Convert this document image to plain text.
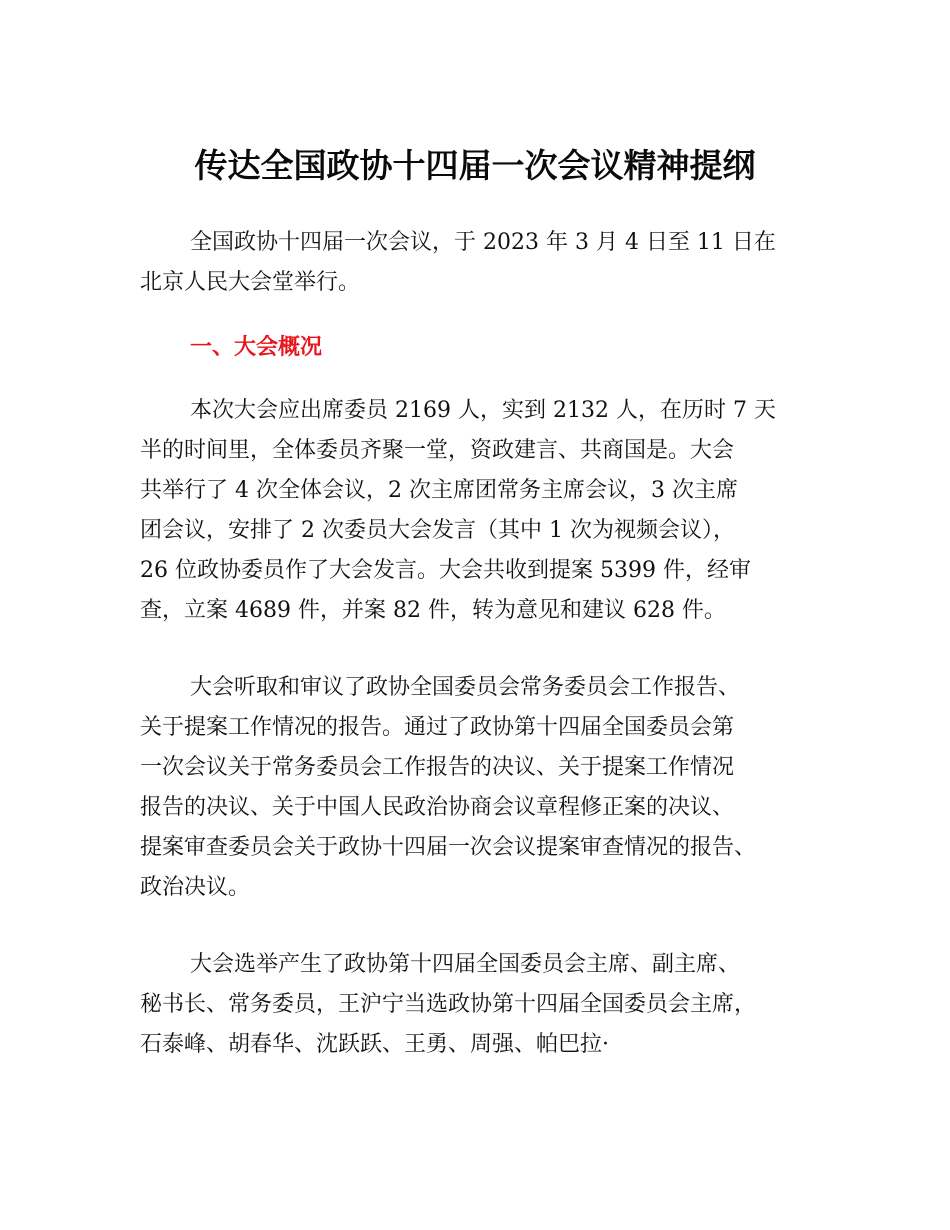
传达全国政协十四届一次会议精神提纲
全国政协十四届一次会议，于 2023 年 3 月 4 日至 11 日在
北京人民大会堂举行。
一、大会概况
本次大会应出席委员 2169 人，实到 2132 人，在历时 7 天
半的时间里，全体委员齐聚一堂，资政建言、共商国是。大会
共举行了 4 次全体会议，2 次主席团常务主席会议，3 次主席
团会议，安排了 2 次委员大会发言（其中 1 次为视频会议），
26 位政协委员作了大会发言。大会共收到提案 5399 件，经审
查，立案 4689 件，并案 82 件，转为意见和建议 628 件。
大会听取和审议了政协全国委员会常务委员会工作报告、
关于提案工作情况的报告。通过了政协第十四届全国委员会第
一次会议关于常务委员会工作报告的决议、关于提案工作情况
报告的决议、关于中国人民政治协商会议章程修正案的决议、
提案审查委员会关于政协十四届一次会议提案审查情况的报告、
政治决议。
大会选举产生了政协第十四届全国委员会主席、副主席、
秘书长、常务委员，王沪宁当选政协第十四届全国委员会主席，
石泰峰、胡春华、沈跃跃、王勇、周强、帕巴拉·
